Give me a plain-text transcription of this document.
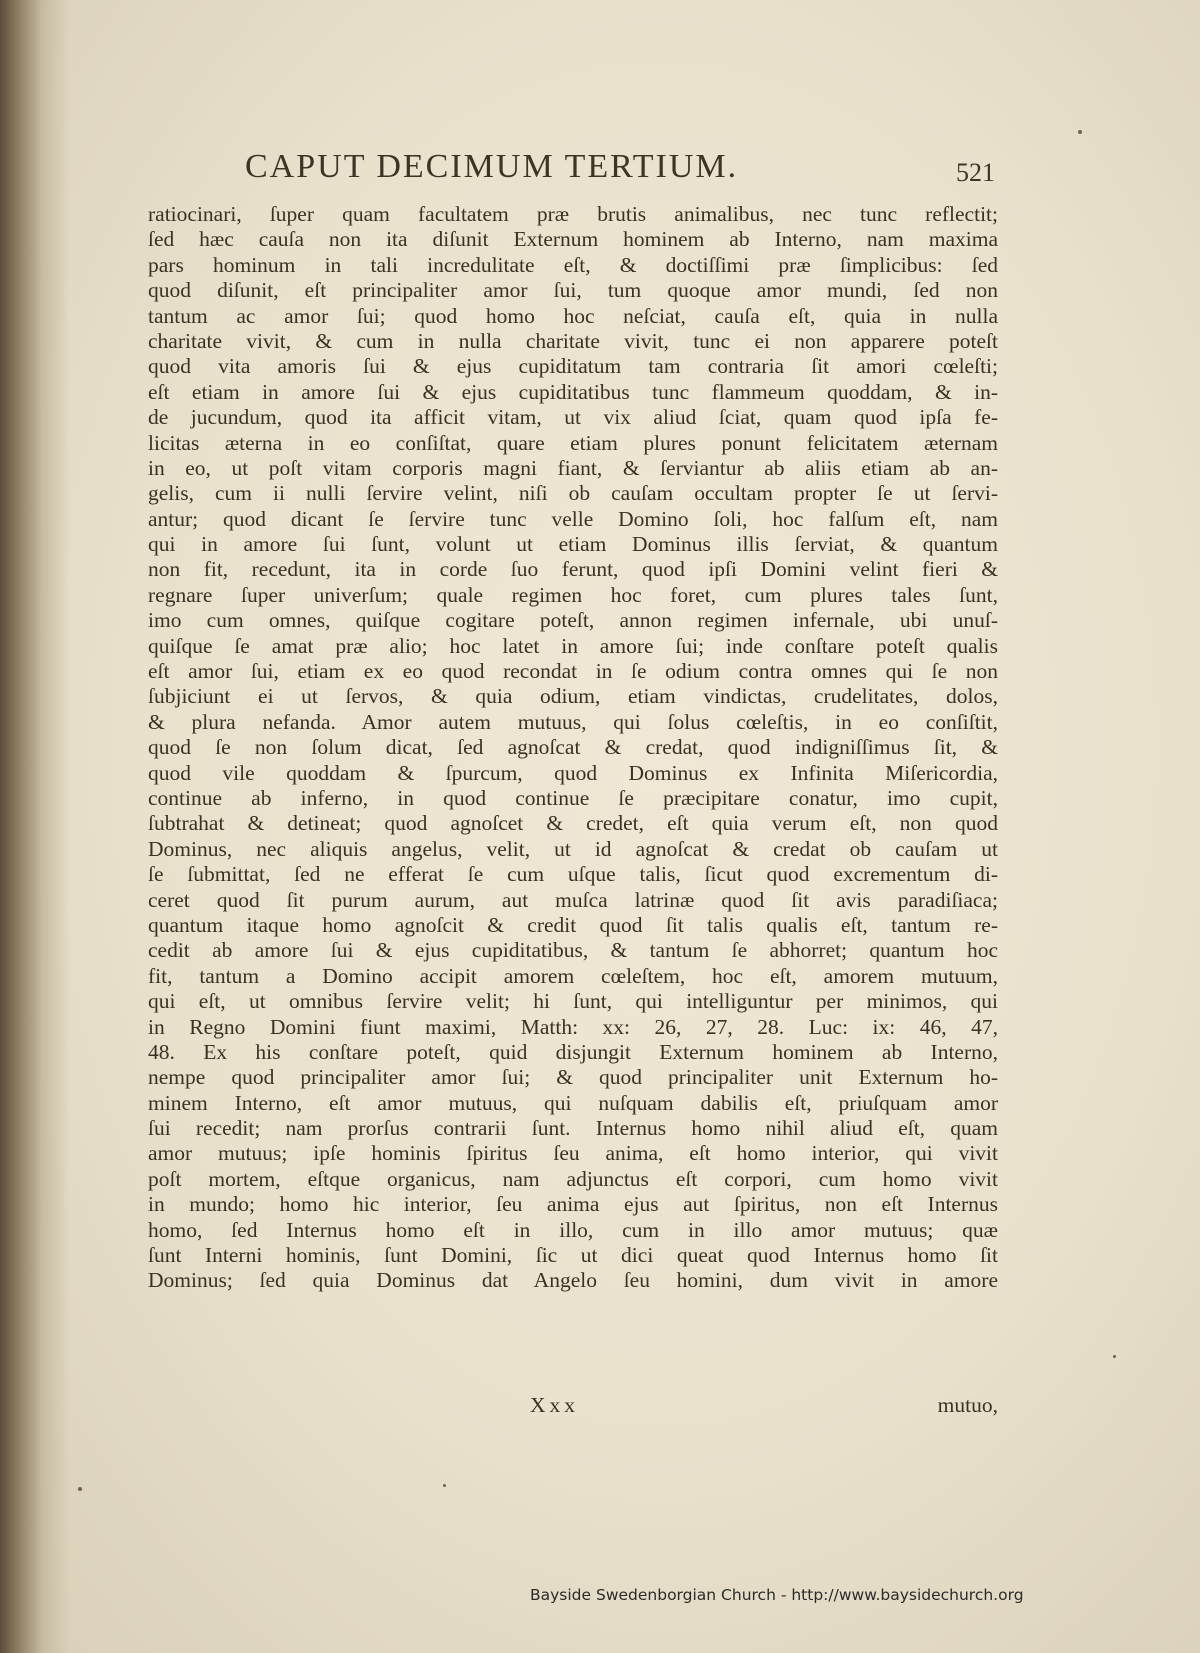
CAPUT DECIMUM TERTIUM.	521
ratiocinari, ſuper quam facultatem præ brutis animalibus, nec tunc reflectit;
ſed hæc cauſa non ita diſunit Externum hominem ab Interno, nam maxima
pars hominum in tali incredulitate eſt, & doctiſſimi præ ſimplicibus: ſed
quod diſunit, eſt principaliter amor ſui, tum quoque amor mundi, ſed non
tantum ac amor ſui; quod homo hoc neſciat, cauſa eſt, quia in nulla
charitate vivit, & cum in nulla charitate vivit, tunc ei non apparere poteſt
quod vita amoris ſui & ejus cupiditatum tam contraria ſit amori cœleſti;
eſt etiam in amore ſui & ejus cupiditatibus tunc flammeum quoddam, & in-
de jucundum, quod ita afficit vitam, ut vix aliud ſciat, quam quod ipſa fe-
licitas æterna in eo conſiſtat, quare etiam plures ponunt felicitatem æternam
in eo, ut poſt vitam corporis magni fiant, & ſerviantur ab aliis etiam ab an-
gelis, cum ii nulli ſervire velint, niſi ob cauſam occultam propter ſe ut ſervi-
antur; quod dicant ſe ſervire tunc velle Domino ſoli, hoc falſum eſt, nam
qui in amore ſui ſunt, volunt ut etiam Dominus illis ſerviat, & quantum
non fit, recedunt, ita in corde ſuo ferunt, quod ipſi Domini velint fieri &
regnare ſuper univerſum; quale regimen hoc foret, cum plures tales ſunt,
imo cum omnes, quiſque cogitare poteſt, annon regimen infernale, ubi unuſ-
quiſque ſe amat præ alio; hoc latet in amore ſui; inde conſtare poteſt qualis
eſt amor ſui, etiam ex eo quod recondat in ſe odium contra omnes qui ſe non
ſubjiciunt ei ut ſervos, & quia odium, etiam vindictas, crudelitates, dolos,
& plura nefanda. Amor autem mutuus, qui ſolus cœleſtis, in eo conſiſtit,
quod ſe non ſolum dicat, ſed agnoſcat & credat, quod indigniſſimus ſit, &
quod vile quoddam & ſpurcum, quod Dominus ex Infinita Miſericordia,
continue ab inferno, in quod continue ſe præcipitare conatur, imo cupit,
ſubtrahat & detineat; quod agnoſcet & credet, eſt quia verum eſt, non quod
Dominus, nec aliquis angelus, velit, ut id agnoſcat & credat ob cauſam ut
ſe ſubmittat, ſed ne efferat ſe cum uſque talis, ſicut quod excrementum di-
ceret quod ſit purum aurum, aut muſca latrinæ quod ſit avis paradiſiaca;
quantum itaque homo agnoſcit & credit quod ſit talis qualis eſt, tantum re-
cedit ab amore ſui & ejus cupiditatibus, & tantum ſe abhorret; quantum hoc
fit, tantum a Domino accipit amorem cœleſtem, hoc eſt, amorem mutuum,
qui eſt, ut omnibus ſervire velit; hi ſunt, qui intelliguntur per minimos, qui
in Regno Domini fiunt maximi, Matth: xx: 26, 27, 28. Luc: ix: 46, 47,
48. Ex his conſtare poteſt, quid disjungit Externum hominem ab Interno,
nempe quod principaliter amor ſui; & quod principaliter unit Externum ho-
minem Interno, eſt amor mutuus, qui nuſquam dabilis eſt, priuſquam amor
ſui recedit; nam prorſus contrarii ſunt. Internus homo nihil aliud eſt, quam
amor mutuus; ipſe hominis ſpiritus ſeu anima, eſt homo interior, qui vivit
poſt mortem, eſtque organicus, nam adjunctus eſt corpori, cum homo vivit
in mundo; homo hic interior, ſeu anima ejus aut ſpiritus, non eſt Internus
homo, ſed Internus homo eſt in illo, cum in illo amor mutuus; quæ
ſunt Interni hominis, ſunt Domini, ſic ut dici queat quod Internus homo ſit
Dominus; ſed quia Dominus dat Angelo ſeu homini, dum vivit in amore
Xxx	mutuo,
Bayside Swedenborgian Church - http://www.baysidechurch.org
